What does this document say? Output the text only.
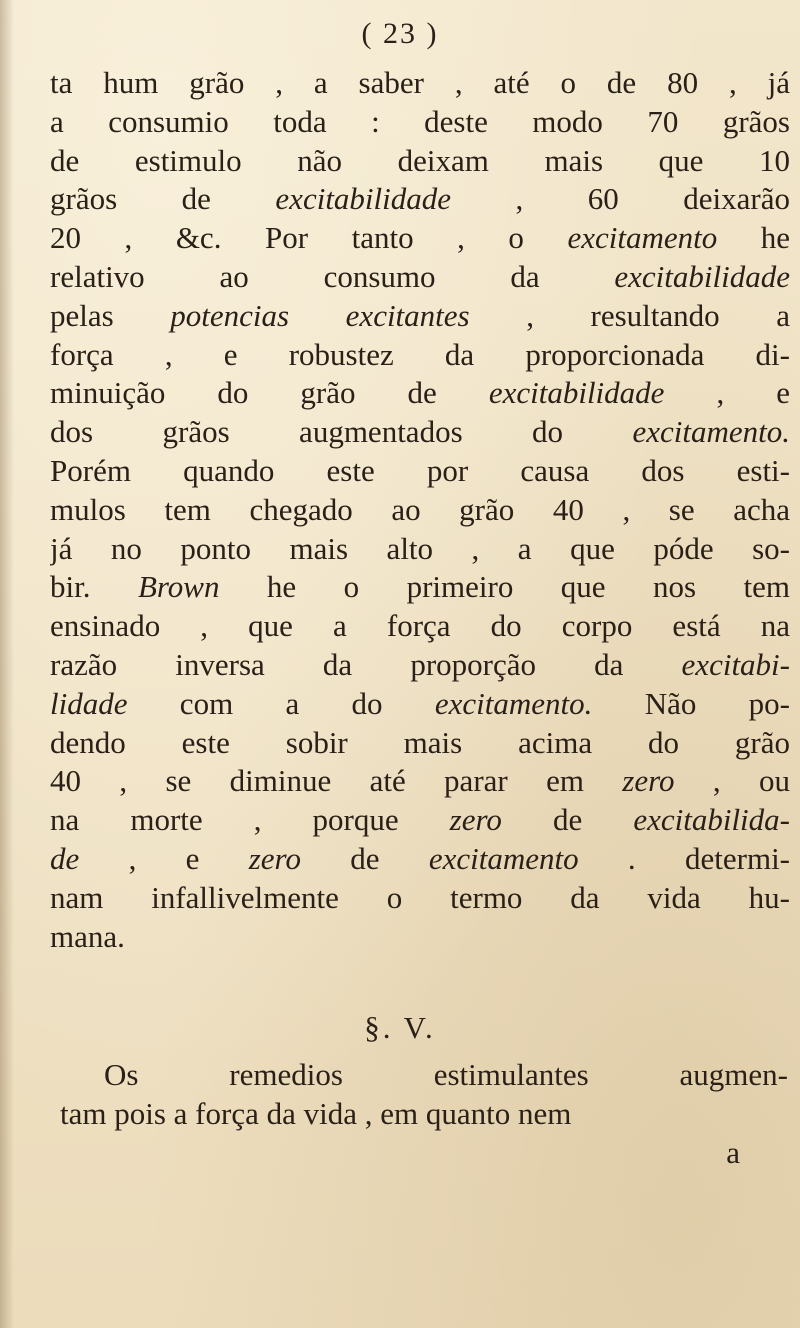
( 23 )
ta hum grão , a saber , até o de 80 , já
a consumio toda : deste modo 70 grãos
de estimulo não deixam mais que 10
grãos de excitabilidade , 60 deixarão
20 , &c. Por tanto , o excitamento he
relativo ao consumo da excitabilidade
pelas potencias excitantes , resultando a
força , e robustez da proporcionada di-
minuição do grão de excitabilidade , e
dos grãos augmentados do excitamento.
Porém quando este por causa dos esti-
mulos tem chegado ao grão 40 , se acha
já no ponto mais alto , a que póde so-
bir. Brown he o primeiro que nos tem
ensinado , que a força do corpo está na
razão inversa da proporção da excitabi-
lidade com a do excitamento. Não po-
dendo este sobir mais acima do grão
40 , se diminue até parar em zero , ou
na morte , porque zero de excitabilida-
de , e zero de excitamento . determi-
nam infallivelmente o termo da vida hu-
mana.
§. V.
Os remedios estimulantes augmen-
tam pois a força da vida , em quanto nem
a
